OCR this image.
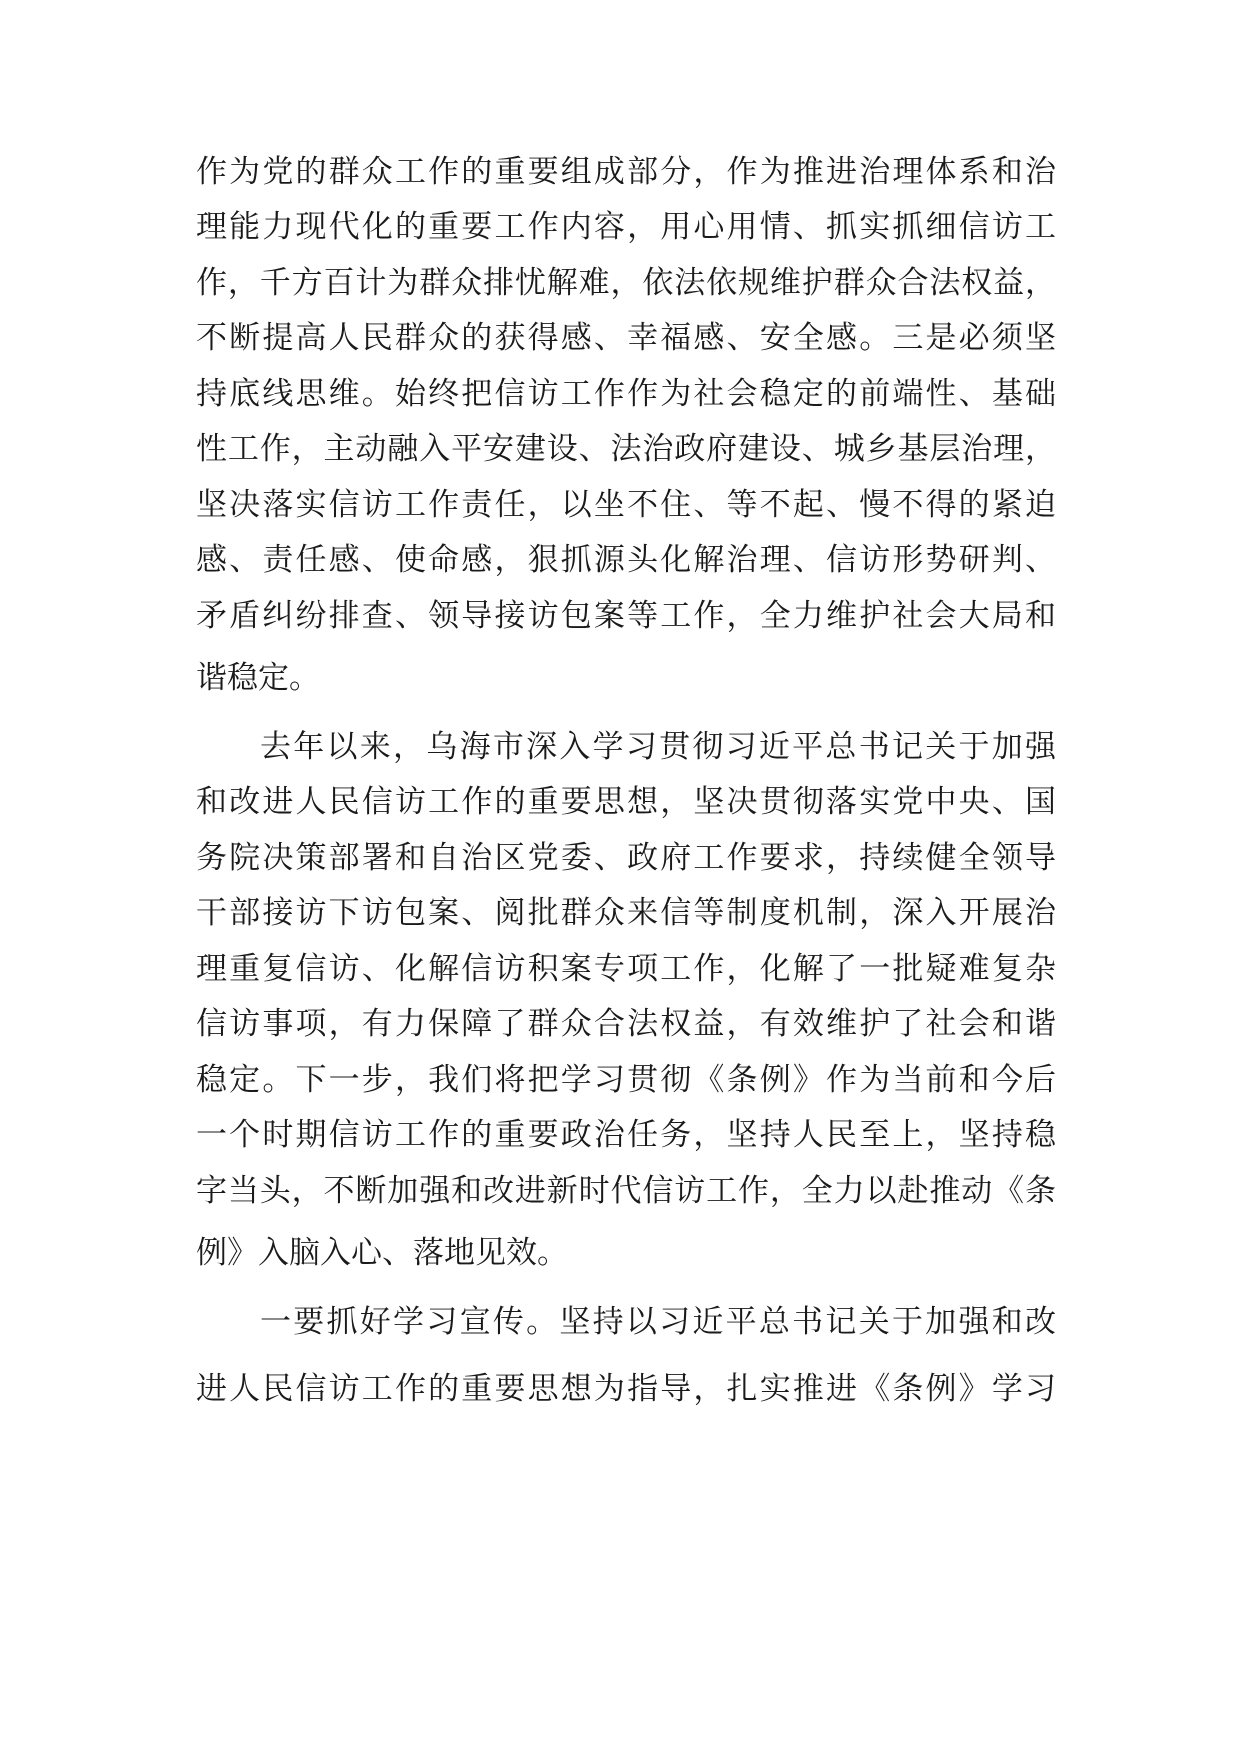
作为党的群众工作的重要组成部分，作为推进治理体系和治
理能力现代化的重要工作内容，用心用情、抓实抓细信访工
作，千方百计为群众排忧解难，依法依规维护群众合法权益，
不断提高人民群众的获得感、幸福感、安全感。三是必须坚
持底线思维。始终把信访工作作为社会稳定的前端性、基础
性工作，主动融入平安建设、法治政府建设、城乡基层治理，
坚决落实信访工作责任，以坐不住、等不起、慢不得的紧迫
感、责任感、使命感，狠抓源头化解治理、信访形势研判、
矛盾纠纷排查、领导接访包案等工作，全力维护社会大局和
谐稳定。
去年以来，乌海市深入学习贯彻习近平总书记关于加强
和改进人民信访工作的重要思想，坚决贯彻落实党中央、国
务院决策部署和自治区党委、政府工作要求，持续健全领导
干部接访下访包案、阅批群众来信等制度机制，深入开展治
理重复信访、化解信访积案专项工作，化解了一批疑难复杂
信访事项，有力保障了群众合法权益，有效维护了社会和谐
稳定。下一步，我们将把学习贯彻《条例》作为当前和今后
一个时期信访工作的重要政治任务，坚持人民至上，坚持稳
字当头，不断加强和改进新时代信访工作，全力以赴推动《条
例》入脑入心、落地见效。
一要抓好学习宣传。坚持以习近平总书记关于加强和改
进人民信访工作的重要思想为指导，扎实推进《条例》学习
